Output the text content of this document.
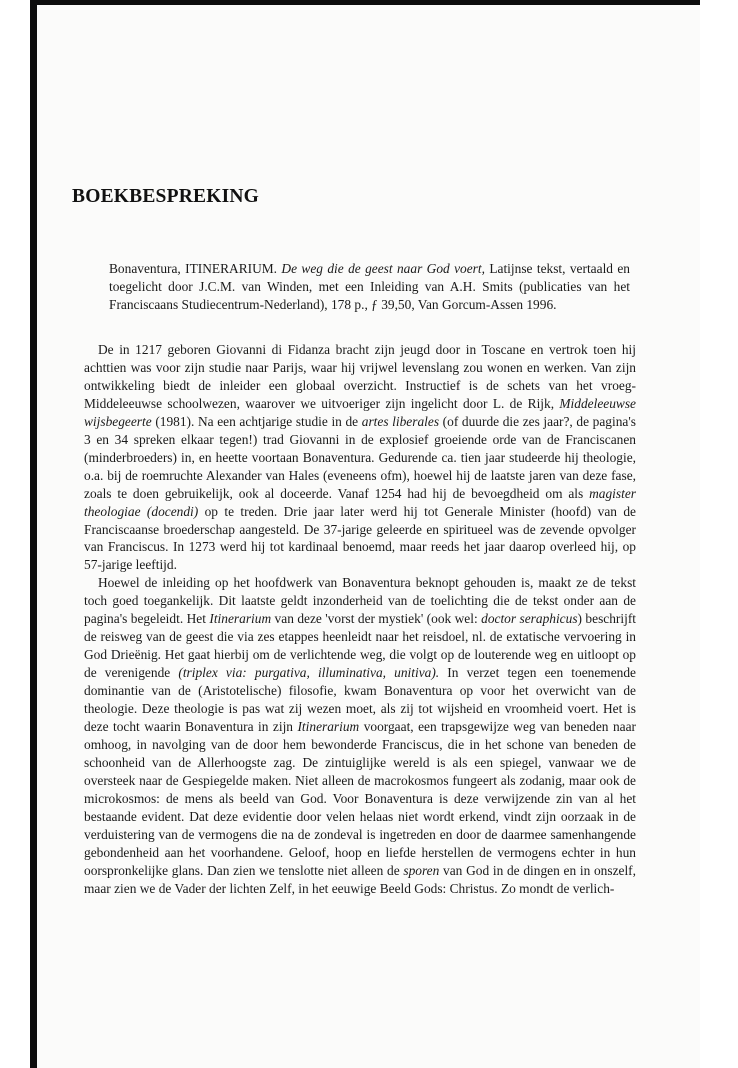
BOEKBESPREKING

Bonaventura, ITINERARIUM. De weg die de geest naar God voert, Latijnse tekst, vertaald en toegelicht door J.C.M. van Winden, met een Inleiding van A.H. Smits (publicaties van het Franciscaans Studiecentrum-Nederland), 178 p., ƒ 39,50, Van Gorcum-Assen 1996.

De in 1217 geboren Giovanni di Fidanza bracht zijn jeugd door in Toscane en vertrok toen hij achttien was voor zijn studie naar Parijs, waar hij vrijwel levenslang zou wonen en werken. Van zijn ontwikkeling biedt de inleider een globaal overzicht. Instructief is de schets van het vroeg-Middeleeuwse schoolwezen, waarover we uitvoeriger zijn ingelicht door L. de Rijk, Middeleeuwse wijsbegeerte (1981). Na een achtjarige studie in de artes liberales (of duurde die zes jaar?, de pagina's 3 en 34 spreken elkaar tegen!) trad Giovanni in de explosief groeiende orde van de Franciscanen (minderbroeders) in, en heette voortaan Bonaventura. Gedurende ca. tien jaar studeerde hij theologie, o.a. bij de roemruchte Alexander van Hales (eveneens ofm), hoewel hij de laatste jaren van deze fase, zoals te doen gebruikelijk, ook al doceerde. Vanaf 1254 had hij de bevoegdheid om als magister theologiae (docendi) op te treden. Drie jaar later werd hij tot Generale Minister (hoofd) van de Franciscaanse broederschap aangesteld. De 37-jarige geleerde en spiritueel was de zevende opvolger van Franciscus. In 1273 werd hij tot kardinaal benoemd, maar reeds het jaar daarop overleed hij, op 57-jarige leeftijd.

Hoewel de inleiding op het hoofdwerk van Bonaventura beknopt gehouden is, maakt ze de tekst toch goed toegankelijk. Dit laatste geldt inzonderheid van de toelichting die de tekst onder aan de pagina's begeleidt. Het Itinerarium van deze 'vorst der mystiek' (ook wel: doctor seraphicus) beschrijft de reisweg van de geest die via zes etappes heenleidt naar het reisdoel, nl. de extatische vervoering in God Drieënig. Het gaat hierbij om de verlichtende weg, die volgt op de louterende weg en uitloopt op de verenigende (triplex via: purgativa, illuminativa, unitiva). In verzet tegen een toenemende dominantie van de (Aristotelische) filosofie, kwam Bonaventura op voor het overwicht van de theologie. Deze theologie is pas wat zij wezen moet, als zij tot wijsheid en vroomheid voert. Het is deze tocht waarin Bonaventura in zijn Itinerarium voorgaat, een trapsgewijze weg van beneden naar omhoog, in navolging van de door hem bewonderde Franciscus, die in het schone van beneden de schoonheid van de Allerhoogste zag. De zintuiglijke wereld is als een spiegel, vanwaar we de oversteek naar de Gespiegelde maken. Niet alleen de macrokosmos fungeert als zodanig, maar ook de microkosmos: de mens als beeld van God. Voor Bonaventura is deze verwijzende zin van al het bestaande evident. Dat deze evidentie door velen helaas niet wordt erkend, vindt zijn oorzaak in de verduistering van de vermogens die na de zondeval is ingetreden en door de daarmee samenhangende gebondenheid aan het voorhandene. Geloof, hoop en liefde herstellen de vermogens echter in hun oorspronkelijke glans. Dan zien we tenslotte niet alleen de sporen van God in de dingen en in onszelf, maar zien we de Vader der lichten Zelf, in het eeuwige Beeld Gods: Christus. Zo mondt de verlich-
